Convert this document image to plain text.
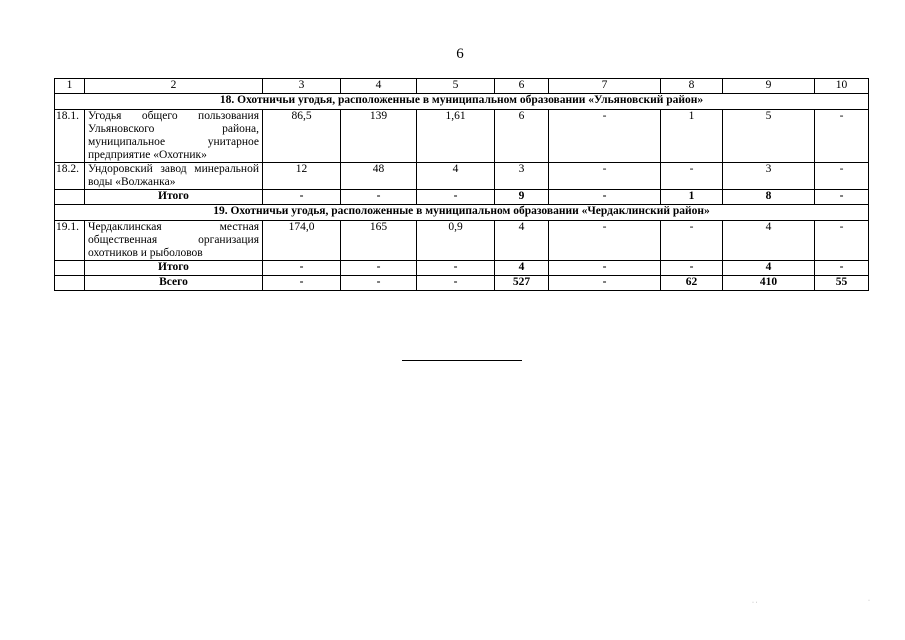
6
1	2	3	4	5	6	7	8	9	10
18. Охотничьи угодья, расположенные в муниципальном образовании «Ульяновский район»									
18.1.	Угодья общего пользования Ульяновского района, муниципальное унитарное предприятие «Охотник»	86,5	139	1,61	6	-	1	5	-
18.2.	Ундоровский завод минеральной воды «Волжанка»	12	48	4	3	-	-	3	-
	Итого	-	-	-	9	-	1	8	-
19. Охотничьи угодья, расположенные в муниципальном образовании «Чердаклинский район»									
19.1.	Чердаклинская местная общественная организация охотников и рыболовов	174,0	165	0,9	4	-	-	4	-
	Итого	-	-	-	4	-	-	4	-
	Всего	-	-	-	527	-	62	410	55
· ·	·
